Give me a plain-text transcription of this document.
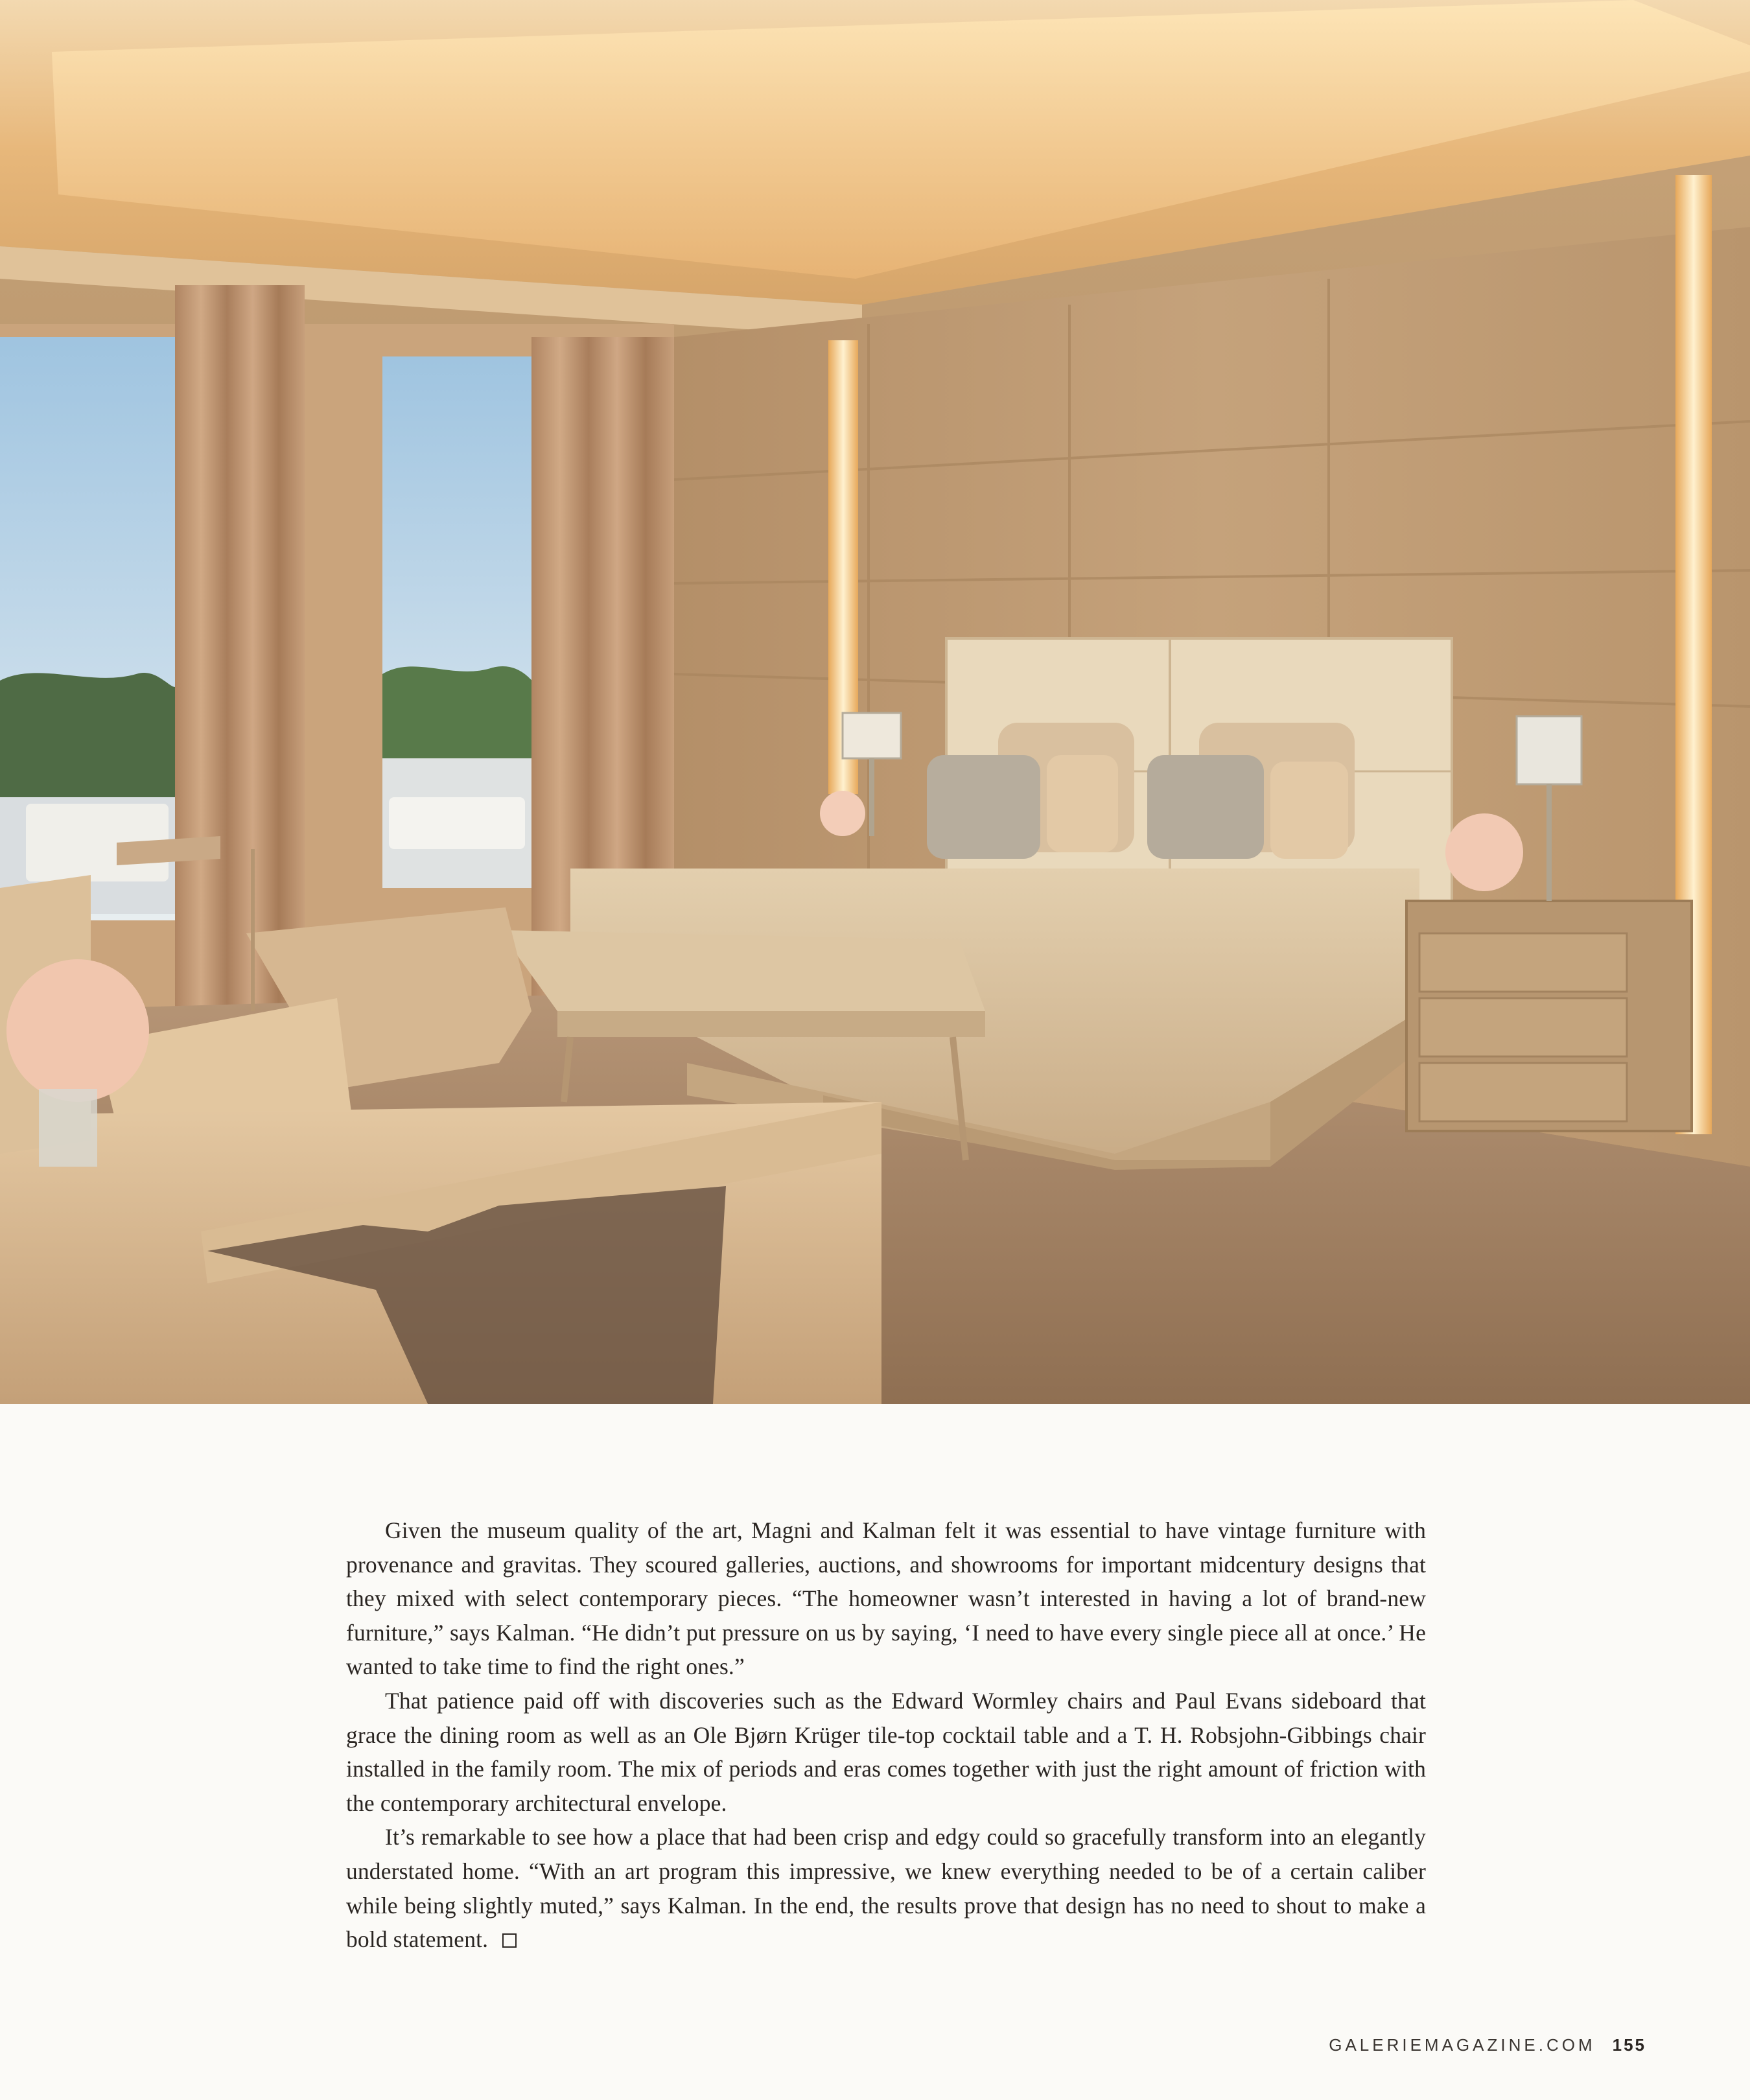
Given the museum quality of the art, Magni and Kalman felt it was essential to have vintage furniture with provenance and gravitas. They scoured galleries, auctions, and showrooms for important midcentury designs that they mixed with select contemporary pieces. “The homeowner wasn’t interested in having a lot of brand-new furniture,” says Kalman. “He didn’t put pressure on us by saying, ‘I need to have every single piece all at once.’ He wanted to take time to find the right ones.”

That patience paid off with discoveries such as the Edward Wormley chairs and Paul Evans sideboard that grace the dining room as well as an Ole Bjørn Krüger tile-top cocktail table and a T. H. Robsjohn-Gibbings chair installed in the family room. The mix of periods and eras comes together with just the right amount of friction with the contemporary architectural envelope.

It’s remarkable to see how a place that had been crisp and edgy could so gracefully transform into an elegantly understated home. “With an art program this impressive, we knew everything needed to be of a certain caliber while being slightly muted,” says Kalman. In the end, the results prove that design has no need to shout to make a bold statement.

GALERIEMAGAZINE.COM 155
